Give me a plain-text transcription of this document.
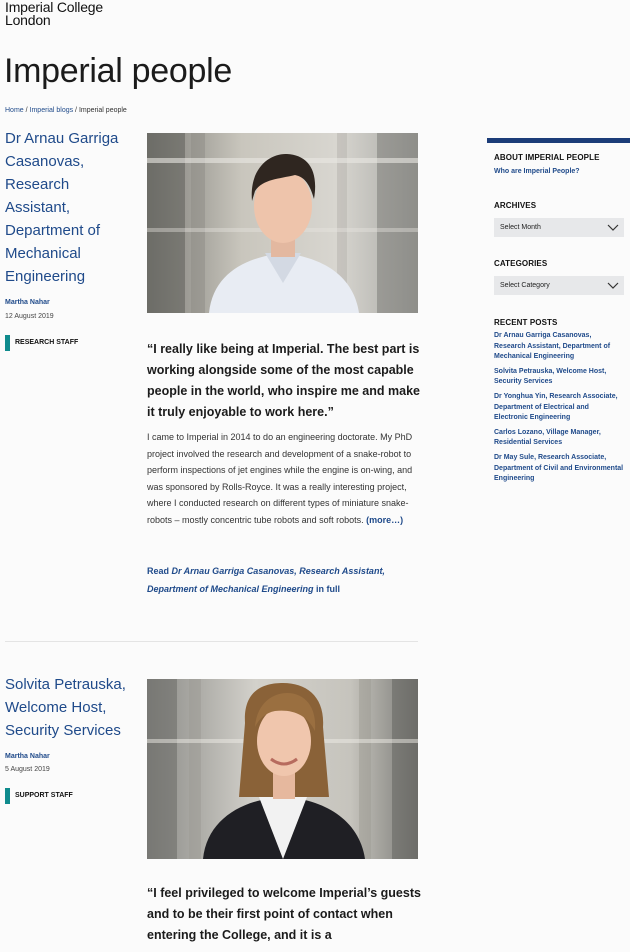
Imperial College
London
Imperial people
Home / Imperial blogs / Imperial people
Dr Arnau Garriga Casanovas, Research Assistant, Department of Mechanical Engineering
Martha Nahar
12 August 2019
RESEARCH STAFF	“I really like being at Imperial. The best part is working alongside some of the most capable people in the world, who inspire me and make it truly enjoyable to work here.”

I came to Imperial in 2014 to do an engineering doctorate. My PhD project involved the research and development of a snake-robot to perform inspections of jet engines while the engine is on-wing, and was sponsored by Rolls-Royce. It was a really interesting project, where I conducted research on different types of miniature snake-robots – mostly concentric tube robots and soft robots. (more…)

Read Dr Arnau Garriga Casanovas, Research Assistant, Department of Mechanical Engineering in full
Solvita Petrauska, Welcome Host, Security Services
Martha Nahar
5 August 2019
SUPPORT STAFF
“I feel privileged to welcome Imperial’s guests and to be their first point of contact when entering the College, and it is a
ABOUT IMPERIAL PEOPLE
Who are Imperial People?
ARCHIVES
Select Month
CATEGORIES
Select Category
RECENT POSTS
Dr Arnau Garriga Casanovas, Research Assistant, Department of Mechanical Engineering
Solvita Petrauska, Welcome Host, Security Services
Dr Yonghua Yin, Research Associate, Department of Electrical and Electronic Engineering
Carlos Lozano, Village Manager, Residential Services
Dr May Sule, Research Associate, Department of Civil and Environmental Engineering
